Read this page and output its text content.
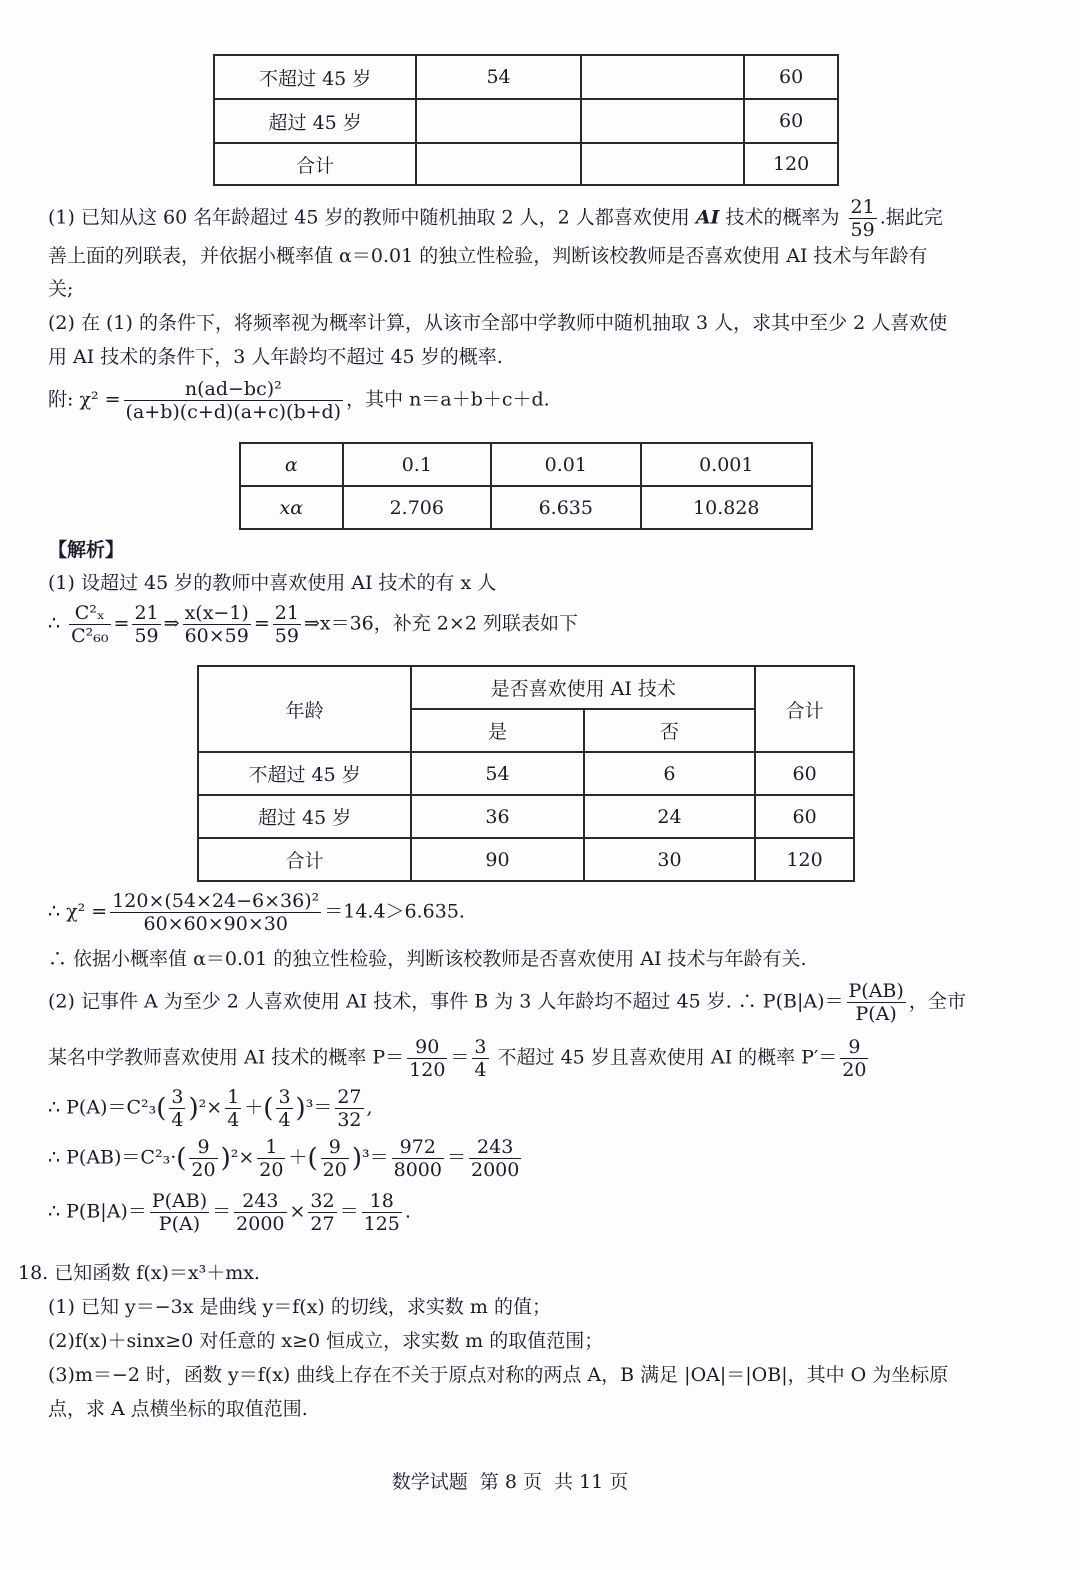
不超过 45 岁	54		60
超过 45 岁			60
合计			120
(1) 已知从这 60 名年龄超过 45 岁的教师中随机抽取 2 人，2 人都喜欢使用 AI 技术的概率为 $\frac{21}{59}$ .据此完
善上面的列联表，并依据小概率值 α＝0.01 的独立性检验，判断该校教师是否喜欢使用 AI 技术与年龄有
关;
(2) 在 (1) 的条件下，将频率视为概率计算，从该市全部中学教师中随机抽取 3 人，求其中至少 2 人喜欢使
用 AI 技术的条件下，3 人年龄均不超过 45 岁的概率.
附: $\chi^2 = \frac{\text{n(ad−bc)²}}{(a+b)(c+d)(a+c)(b+d)}$ ，其中 n＝a＋b＋c＋d.
α	0.1	0.01	0.001
xα	2.706	6.635	10.828
【解析】
(1) 设超过 45 岁的教师中喜欢使用 AI 技术的有 x 人
∴ $\frac{\text{C²ₓ}}{\text{C²₆₀}} = \frac{21}{59}$ ⇒ $\frac{x(x-1)}{60\times 59} = \frac{21}{59}$ ⇒x＝36，补充 2×2 列联表如下
年龄	是否喜欢使用 AI 技术		合计
	是	否	
不超过 45 岁	54	6	60
超过 45 岁	36	24	60
合计	90	30	120
∴ $\chi^2 = \frac{\text{120×(54×24−6×36)²}}{60\times 60\times 90\times 30} =14.4>6.635$.
∴ 依据小概率值 α＝0.01 的独立性检验，判断该校教师是否喜欢使用 AI 技术与年龄有关.
(2) 记事件 A 为至少 2 人喜欢使用 AI 技术，事件 B 为 3 人年龄均不超过 45 岁. ∴ $P(B|A)= \frac{P(AB)}{P(A)}$ ，全市
某名中学教师喜欢使用 AI 技术的概率 $P= \frac{90}{120} = \frac{3}{4}$ 不超过 45 岁且喜欢使用 AI 的概率 $P'= \frac{9}{20}$
∴ $P(A)=C^2_3( \frac{3}{4} )^2\times \frac{1}{4}$ ＋( $\frac{3}{4} )^3= \frac{27}{32}$ ,
∴ $P(AB)=C^2_3\cdot( \frac{9}{20} )^2\times \frac{1}{20}$ ＋( $\frac{9}{20} )^3= \frac{972}{8000} = \frac{243}{2000}$
∴ $P(B|A)= \frac{P(AB)}{P(A)} = \frac{243}{2000} \times \frac{32}{27} = \frac{18}{125}$ .
18. 已知函数 f(x)＝x³＋mx.
(1) 已知 y＝−3x 是曲线 y＝f(x) 的切线，求实数 m 的值；
(2)f(x)＋sinx≥0 对任意的 x≥0 恒成立，求实数 m 的取值范围；
(3)m＝−2 时，函数 y＝f(x) 曲线上存在不关于原点对称的两点 A，B 满足 |OA|＝|OB|，其中 O 为坐标原
点，求 A 点横坐标的取值范围.
数学试题  第 8 页  共 11 页
